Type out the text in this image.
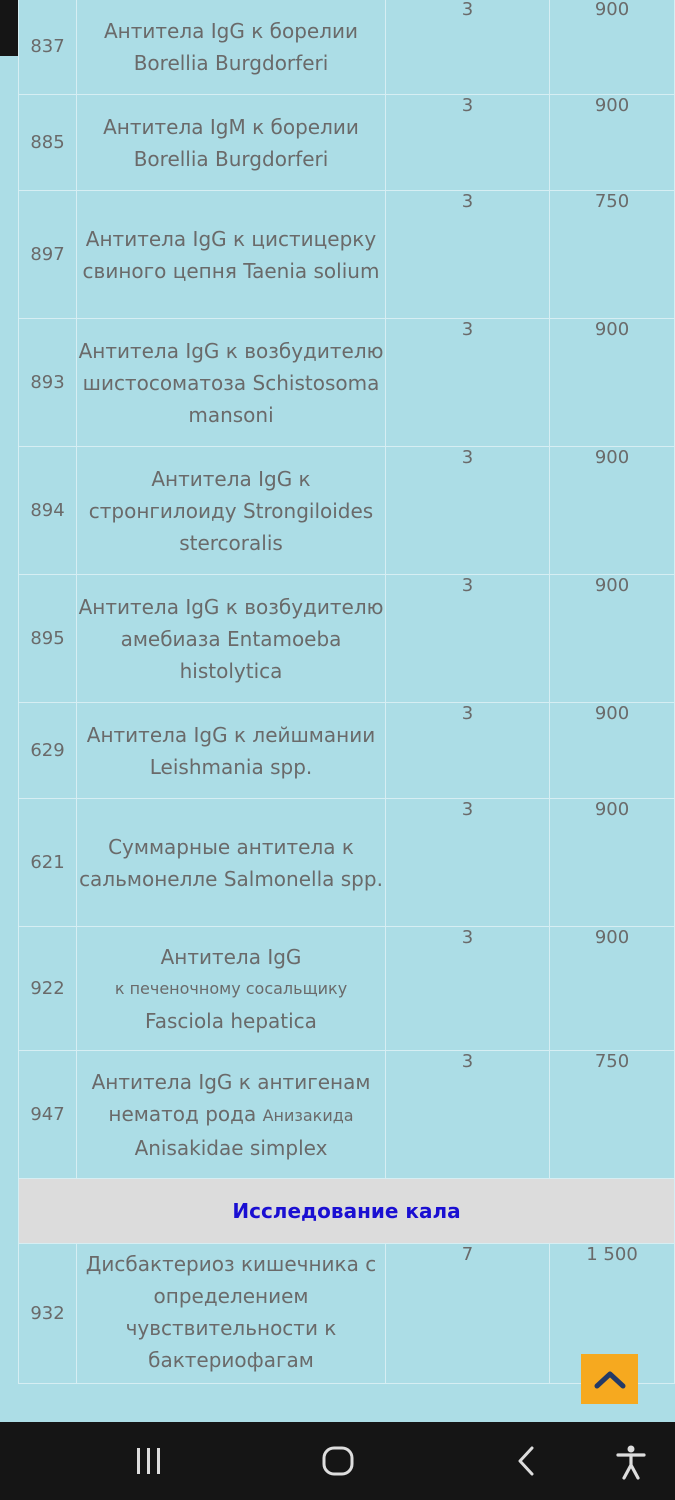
837	Антитела IgG к борелии Borellia Burgdorferi	3	900
885	Антитела IgM к борелии Borellia Burgdorferi	3	900
897	Антитела IgG к цистицерку свиного цепня Taenia solium	3	750
893	Антитела IgG к возбудителю шистосоматоза Schistosoma mansoni	3	900
894	Антитела IgG к стронгилоиду Strongiloides stercoralis	3	900
895	Антитела IgG к возбудителю амебиаза Entamoeba histolytica	3	900
629	Антитела IgG к лейшмании Leishmania spp.	3	900
621	Суммарные антитела к сальмонелле Salmonella spp.	3	900
922	Антитела IgG
к печеночному сосальщику
Fasciola hepatica	3	900
947	Антитела IgG к антигенам
нематод рода Анизакида
Anisakidae simplex	3	750
Исследование кала			
932	Дисбактериоз кишечника с определением чувствительности к бактериофагам	7	1 500
